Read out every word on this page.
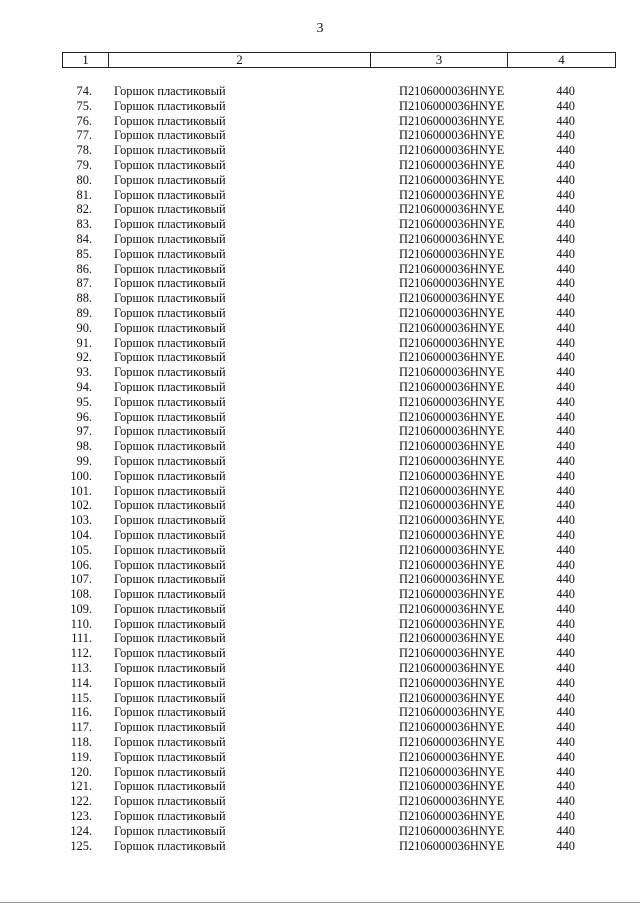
3
1	2	3	4
74. Горшок пластиковый	П2106000036HNYE	440
75. Горшок пластиковый	П2106000036HNYE	440
76. Горшок пластиковый	П2106000036HNYE	440
77. Горшок пластиковый	П2106000036HNYE	440
78. Горшок пластиковый	П2106000036HNYE	440
79. Горшок пластиковый	П2106000036HNYE	440
80. Горшок пластиковый	П2106000036HNYE	440
81. Горшок пластиковый	П2106000036HNYE	440
82. Горшок пластиковый	П2106000036HNYE	440
83. Горшок пластиковый	П2106000036HNYE	440
84. Горшок пластиковый	П2106000036HNYE	440
85. Горшок пластиковый	П2106000036HNYE	440
86. Горшок пластиковый	П2106000036HNYE	440
87. Горшок пластиковый	П2106000036HNYE	440
88. Горшок пластиковый	П2106000036HNYE	440
89. Горшок пластиковый	П2106000036HNYE	440
90. Горшок пластиковый	П2106000036HNYE	440
91. Горшок пластиковый	П2106000036HNYE	440
92. Горшок пластиковый	П2106000036HNYE	440
93. Горшок пластиковый	П2106000036HNYE	440
94. Горшок пластиковый	П2106000036HNYE	440
95. Горшок пластиковый	П2106000036HNYE	440
96. Горшок пластиковый	П2106000036HNYE	440
97. Горшок пластиковый	П2106000036HNYE	440
98. Горшок пластиковый	П2106000036HNYE	440
99. Горшок пластиковый	П2106000036HNYE	440
100. Горшок пластиковый	П2106000036HNYE	440
101. Горшок пластиковый	П2106000036HNYE	440
102. Горшок пластиковый	П2106000036HNYE	440
103. Горшок пластиковый	П2106000036HNYE	440
104. Горшок пластиковый	П2106000036HNYE	440
105. Горшок пластиковый	П2106000036HNYE	440
106. Горшок пластиковый	П2106000036HNYE	440
107. Горшок пластиковый	П2106000036HNYE	440
108. Горшок пластиковый	П2106000036HNYE	440
109. Горшок пластиковый	П2106000036HNYE	440
110. Горшок пластиковый	П2106000036HNYE	440
111. Горшок пластиковый	П2106000036HNYE	440
112. Горшок пластиковый	П2106000036HNYE	440
113. Горшок пластиковый	П2106000036HNYE	440
114. Горшок пластиковый	П2106000036HNYE	440
115. Горшок пластиковый	П2106000036HNYE	440
116. Горшок пластиковый	П2106000036HNYE	440
117. Горшок пластиковый	П2106000036HNYE	440
118. Горшок пластиковый	П2106000036HNYE	440
119. Горшок пластиковый	П2106000036HNYE	440
120. Горшок пластиковый	П2106000036HNYE	440
121. Горшок пластиковый	П2106000036HNYE	440
122. Горшок пластиковый	П2106000036HNYE	440
123. Горшок пластиковый	П2106000036HNYE	440
124. Горшок пластиковый	П2106000036HNYE	440
125. Горшок пластиковый	П2106000036HNYE	440
